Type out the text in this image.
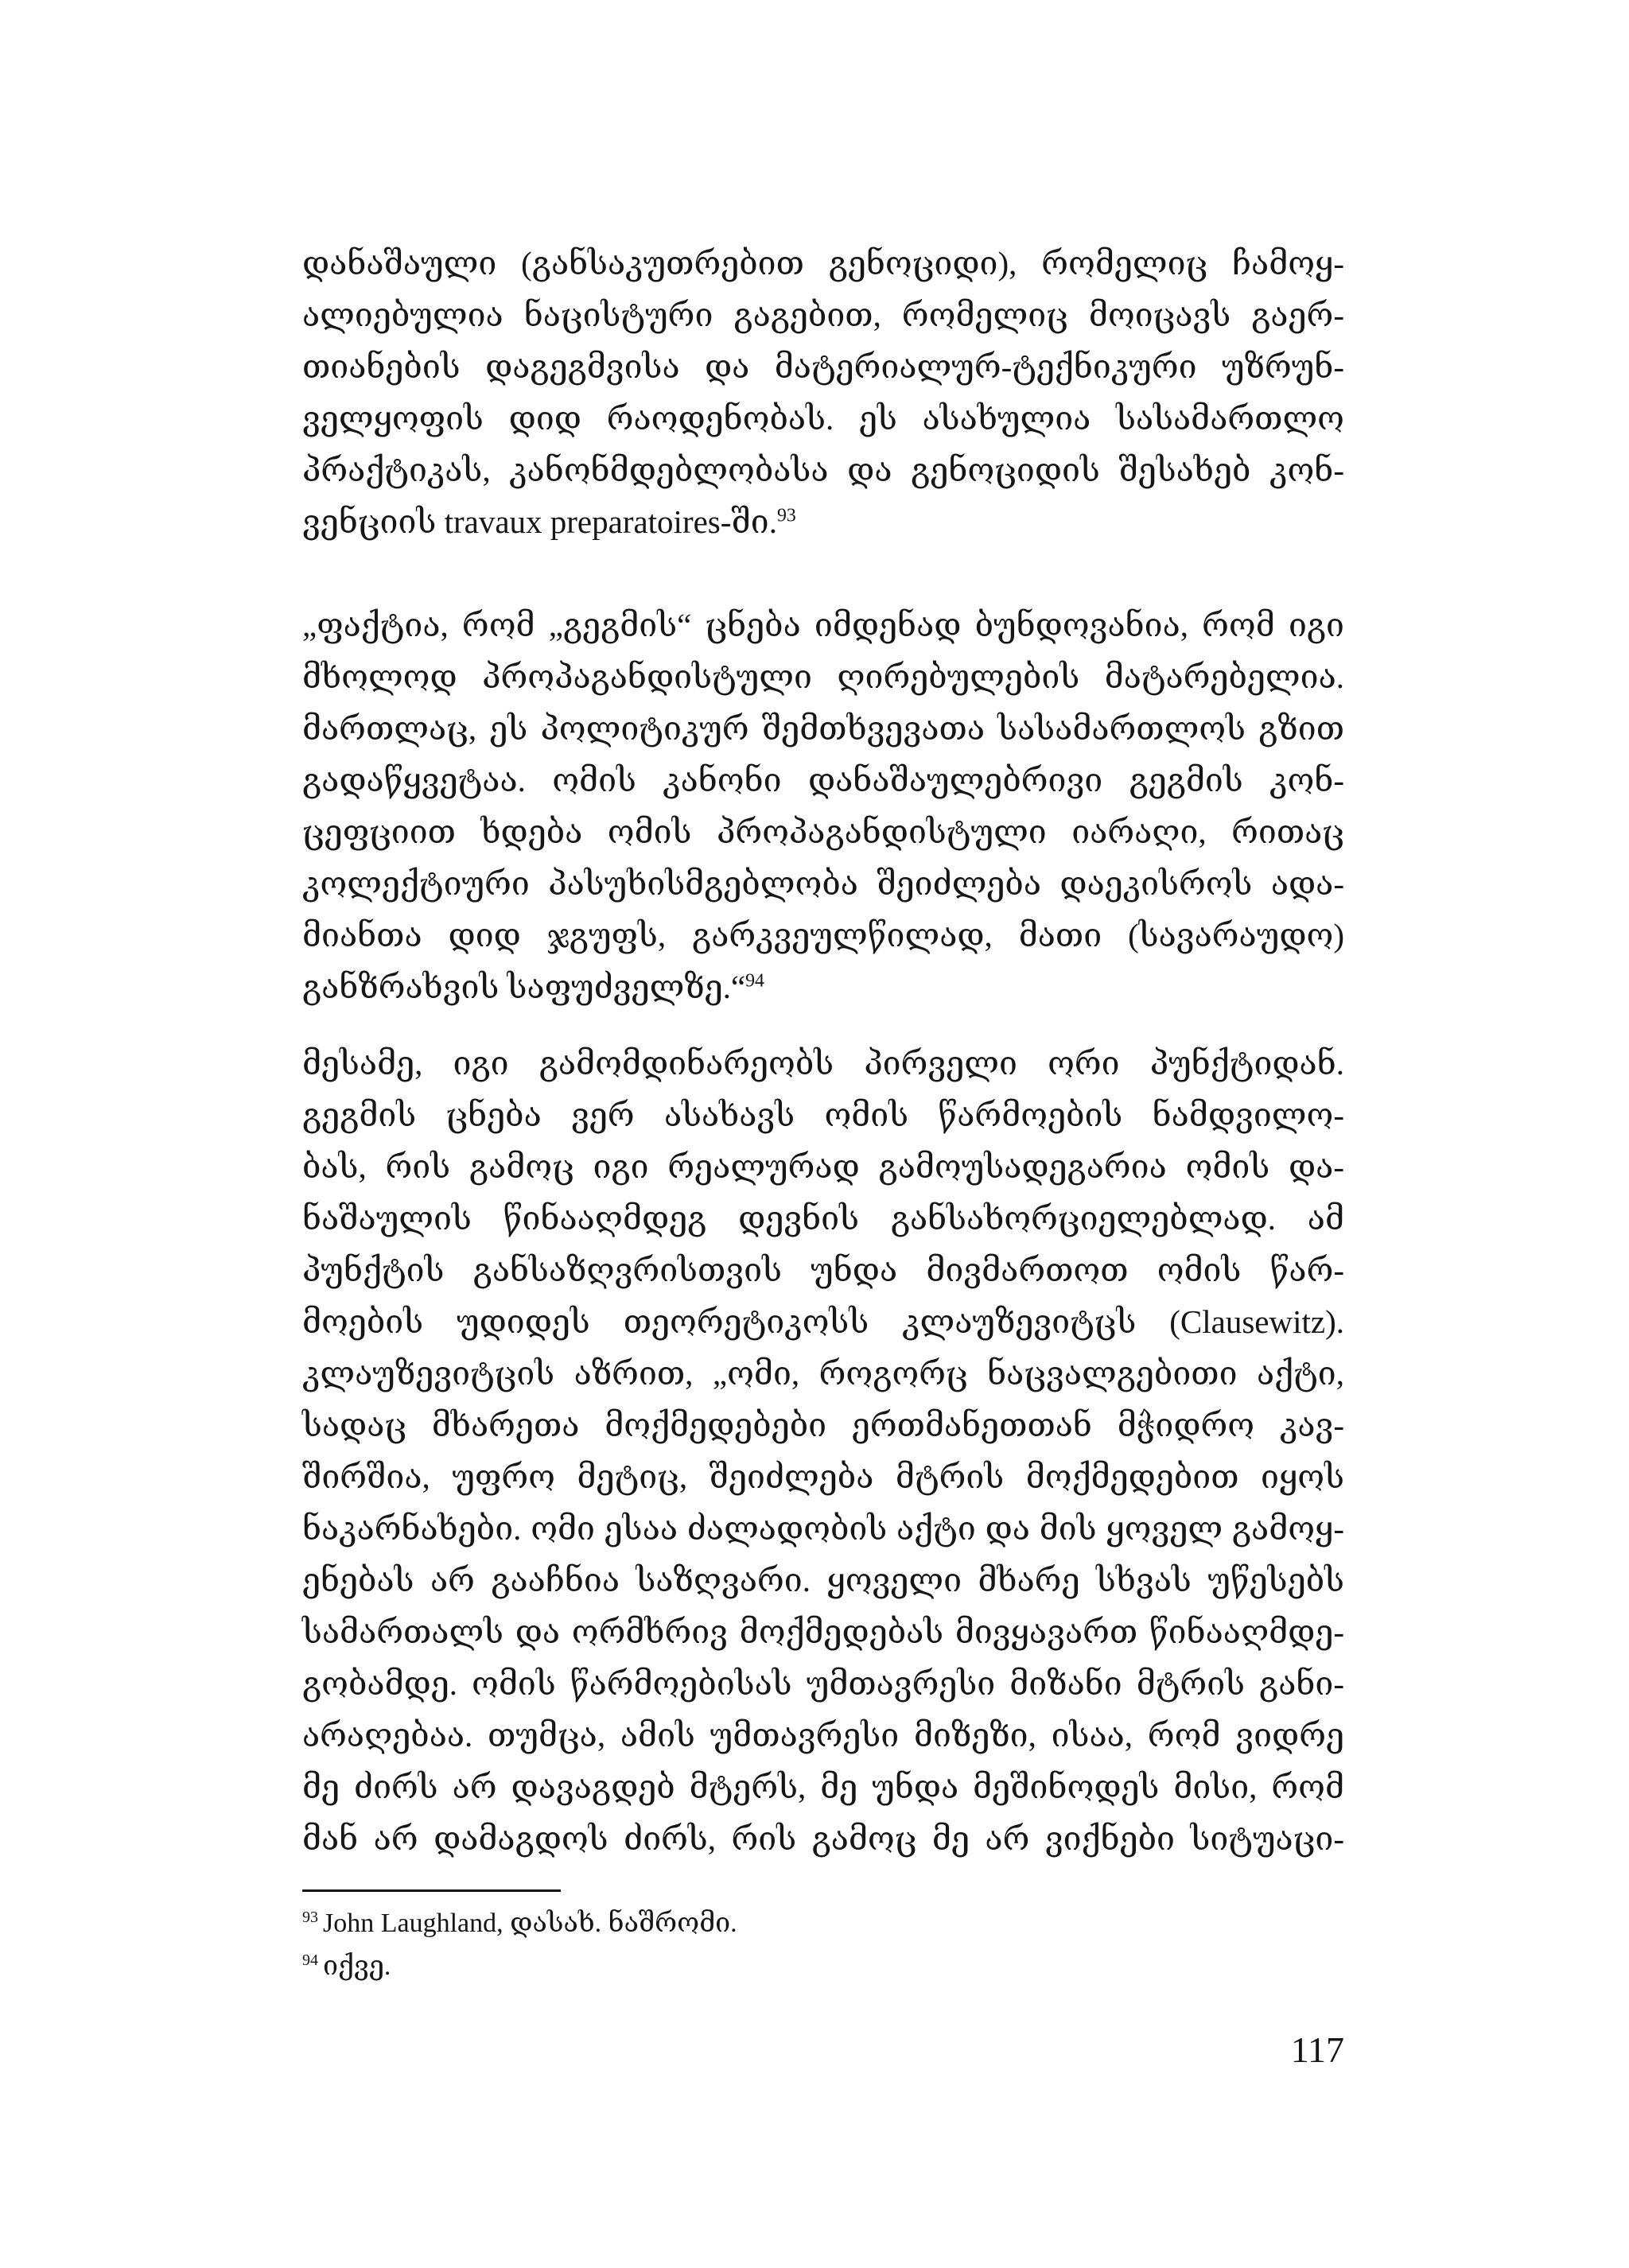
დანაშაული (განსაკუთრებით გენოციდი), რომელიც ჩამოყ-
ალიებულია ნაცისტური გაგებით, რომელიც მოიცავს გაერ-
თიანების დაგეგმვისა და მატერიალურ-ტექნიკური უზრუნ-
ველყოფის დიდ რაოდენობას. ეს ასახულია სასამართლო
პრაქტიკას, კანონმდებლობასა და გენოციდის შესახებ კონ-
ვენციის travaux preparatoires-ში.$^{93}$
„ფაქტია, რომ „გეგმის“ ცნება იმდენად ბუნდოვანია, რომ იგი
მხოლოდ პროპაგანდისტული ღირებულების მატარებელია.
მართლაც, ეს პოლიტიკურ შემთხვევათა სასამართლოს გზით
გადაწყვეტაა. ომის კანონი დანაშაულებრივი გეგმის კონ-
ცეფციით ხდება ომის პროპაგანდისტული იარაღი, რითაც
კოლექტიური პასუხისმგებლობა შეიძლება დაეკისროს ადა-
მიანთა დიდ ჯგუფს, გარკვეულწილად, მათი (სავარაუდო)
განზრახვის საფუძველზე.“$^{94}$
მესამე, იგი გამომდინარეობს პირველი ორი პუნქტიდან.
გეგმის ცნება ვერ ასახავს ომის წარმოების ნამდვილო-
ბას, რის გამოც იგი რეალურად გამოუსადეგარია ომის და-
ნაშაულის წინააღმდეგ დევნის განსახორციელებლად. ამ
პუნქტის განსაზღვრისთვის უნდა მივმართოთ ომის წარ-
მოების უდიდეს თეორეტიკოსს კლაუზევიტცს (Clausewitz).
კლაუზევიტცის აზრით, „ომი, როგორც ნაცვალგებითი აქტი,
სადაც მხარეთა მოქმედებები ერთმანეთთან მჭიდრო კავ-
შირშია, უფრო მეტიც, შეიძლება მტრის მოქმედებით იყოს
ნაკარნახები. ომი ესაა ძალადობის აქტი და მის ყოველ გამოყ-
ენებას არ გააჩნია საზღვარი. ყოველი მხარე სხვას უწესებს
სამართალს და ორმხრივ მოქმედებას მივყავართ წინააღმდე-
გობამდე. ომის წარმოებისას უმთავრესი მიზანი მტრის განი-
არაღებაა. თუმცა, ამის უმთავრესი მიზეზი, ისაა, რომ ვიდრე
მე ძირს არ დავაგდებ მტერს, მე უნდა მეშინოდეს მისი, რომ
მან არ დამაგდოს ძირს, რის გამოც მე არ ვიქნები სიტუაცი-
$^{93}$ John Laughland, დასახ. ნაშრომი.
$^{94}$ იქვე.
117
